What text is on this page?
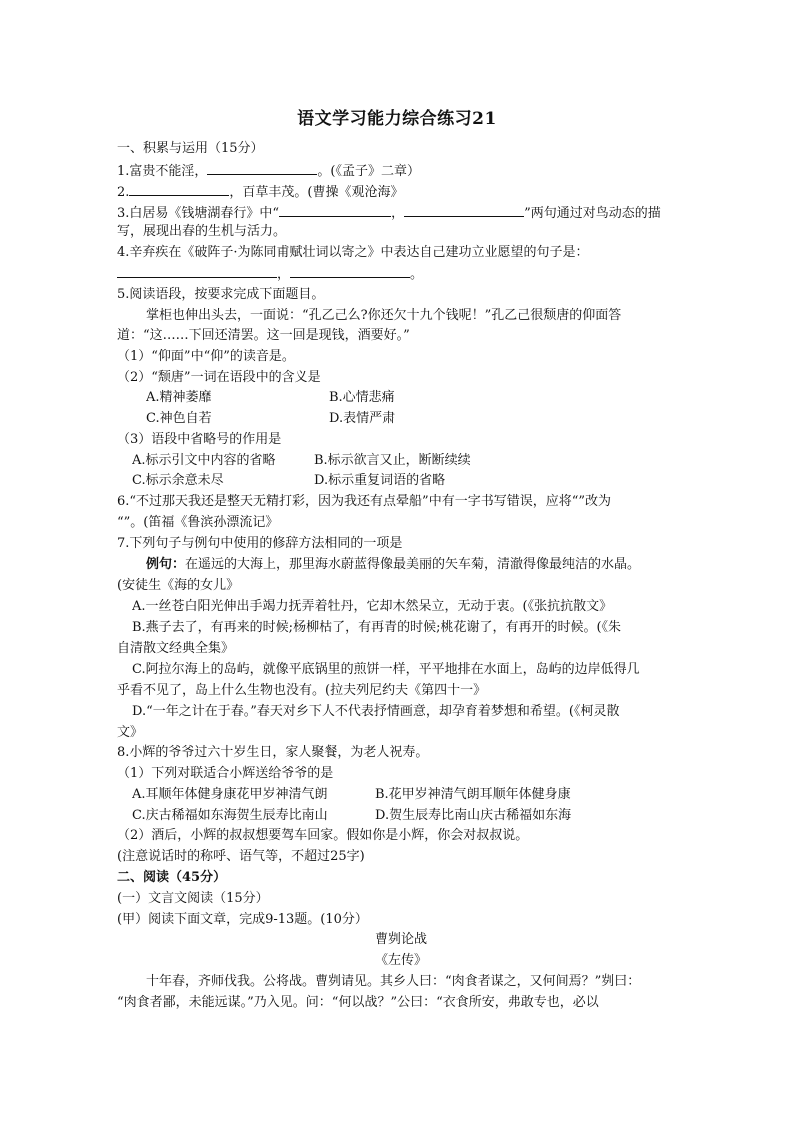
语文学习能力综合练习21
一、积累与运用（15分）
1.富贵不能淫，	。(《孟子》二章）
2.	，百草丰茂。(曹操《观沧海》
3.白居易《钱塘湖春行》中“	，	”两句通过对鸟动态的描
写，展现出春的生机与活力。
4.辛弃疾在《破阵子·为陈同甫赋壮词以寄之》中表达自己建功立业愿望的句子是：
，	。
5.阅读语段，按要求完成下面题目。
掌柜也伸出头去，一面说：“孔乙己么?你还欠十九个钱呢！”孔乙己很颓唐的仰面答
道：“这……下回还清罢。这一回是现钱，酒要好。”
（1）“仰面”中“仰”的读音是。
（2）“颓唐”一词在语段中的含义是
A.精神萎靡	B.心情悲痛
C.神色自若	D.表情严肃
（3）语段中省略号的作用是
A.标示引文中内容的省略	B.标示欲言又止，断断续续
C.标示余意未尽	D.标示重复词语的省略
6.“不过那天我还是整天无精打彩，因为我还有点晕船”中有一字书写错误，应将“”改为
“”。(笛福《鲁滨孙漂流记》
7.下列句子与例句中使用的修辞方法相同的一项是
例句：在遥远的大海上，那里海水蔚蓝得像最美丽的矢车菊，清澈得像最纯洁的水晶。
(安徒生《海的女儿》
A.一丝苍白阳光伸出手竭力抚弄着牡丹，它却木然呆立，无动于衷。(《张抗抗散文》
B.燕子去了，有再来的时候;杨柳枯了，有再青的时候;桃花谢了，有再开的时候。(《朱
自清散文经典全集》
C.阿拉尔海上的岛屿，就像平底锅里的煎饼一样，平平地排在水面上，岛屿的边岸低得几
乎看不见了，岛上什么生物也没有。(拉夫列尼约夫《第四十一》
D.“一年之计在于春。”春天对乡下人不代表抒情画意，却孕育着梦想和希望。(《柯灵散
文》
8.小辉的爷爷过六十岁生日，家人聚餐，为老人祝寿。
（1）下列对联适合小辉送给爷爷的是
A.耳顺年体健身康花甲岁神清气朗	B.花甲岁神清气朗耳顺年体健身康
C.庆古稀福如东海贺生辰寿比南山	D.贺生辰寿比南山庆古稀福如东海
（2）酒后，小辉的叔叔想要驾车回家。假如你是小辉，你会对叔叔说。
(注意说话时的称呼、语气等，不超过25字)
二、阅读（45分）
(一）文言文阅读（15分）
(甲）阅读下面文章，完成9-13题。(10分）
曹刿论战
《左传》
十年春，齐师伐我。公将战。曹刿请见。其乡人曰：“肉食者谋之，又何间焉？”刿曰：
“肉食者鄙，未能远谋。”乃入见。问：“何以战？”公曰：“衣食所安，弗敢专也，必以
